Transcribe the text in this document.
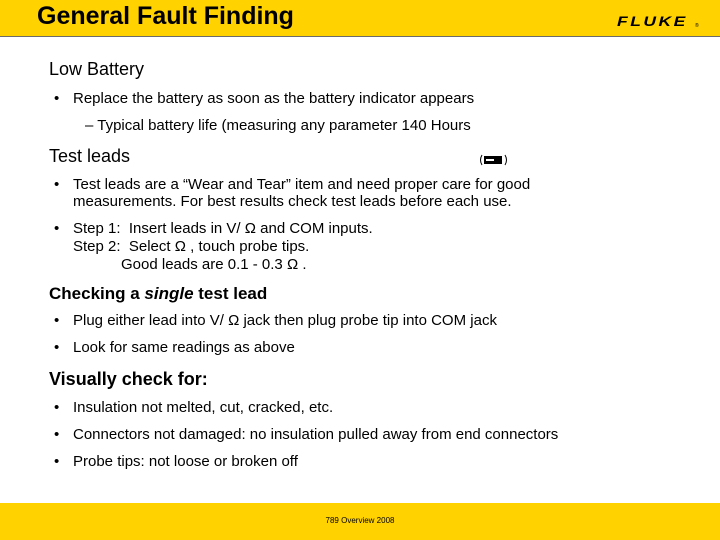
General Fault Finding	FLUKE ®
Low Battery
• Replace the battery as soon as the battery indicator appears
– Typical battery life (measuring any parameter 140 Hours
Test leads
• Test leads are a “Wear and Tear” item and need proper care for good
measurements. For best results check test leads before each use.
• Step 1:  Insert leads in V/ Ω and COM inputs.
Step 2:  Select Ω , touch probe tips.
Good leads are 0.1 - 0.3 Ω .
Checking a single test lead
• Plug either lead into V/ Ω jack then plug probe tip into COM jack
• Look for same readings as above
Visually check for:
• Insulation not melted, cut, cracked, etc.
• Connectors not damaged: no insulation pulled away from end connectors
• Probe tips: not loose or broken off
789 Overview 2008
